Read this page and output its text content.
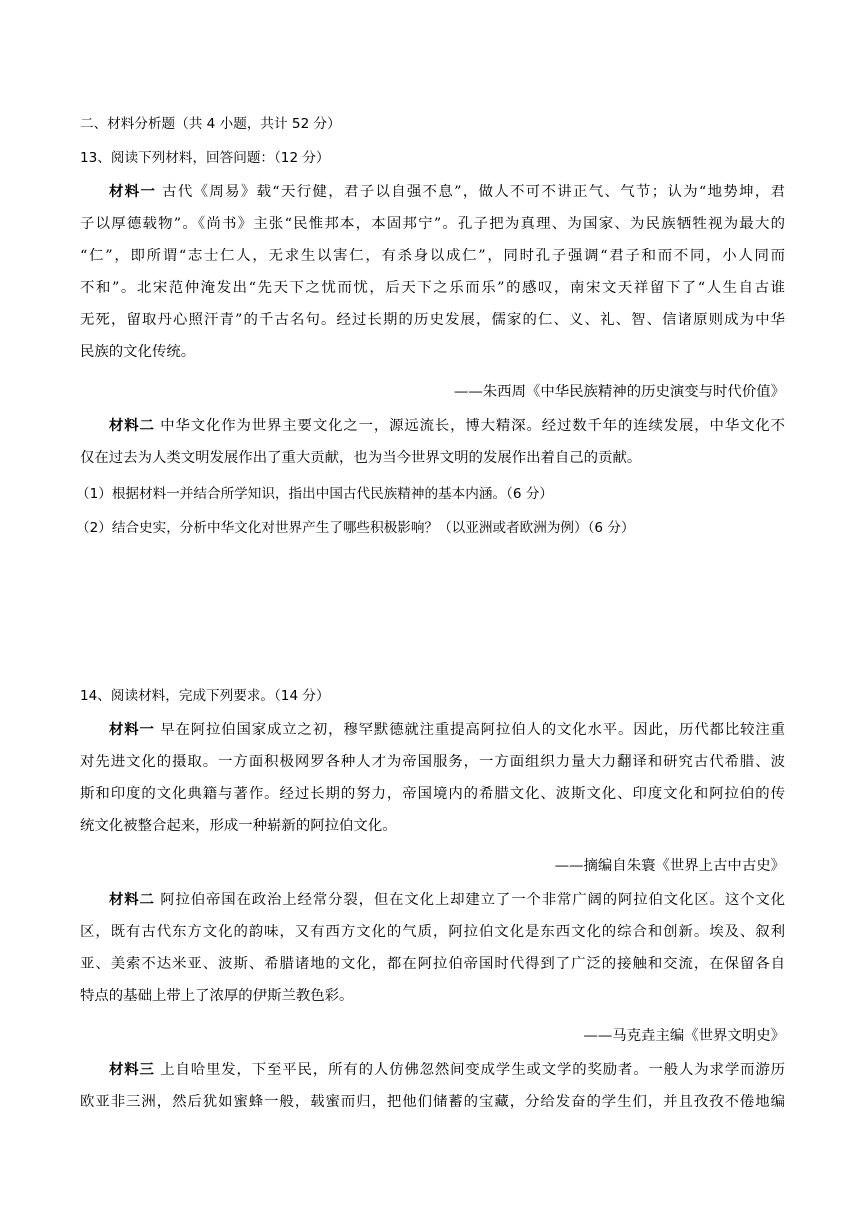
二、材料分析题（共 4 小题，共计 52 分）
13、阅读下列材料，回答问题：（12 分）
材料一 古代《周易》载“天行健，君子以自强不息”，做人不可不讲正气、气节；认为“地势坤，君
子以厚德载物”。《尚书》主张“民惟邦本，本固邦宁”。孔子把为真理、为国家、为民族牺牲视为最大的
“仁”，即所谓“志士仁人，无求生以害仁，有杀身以成仁”，同时孔子强调“君子和而不同，小人同而
不和”。北宋范仲淹发出“先天下之忧而忧，后天下之乐而乐”的感叹，南宋文天祥留下了“人生自古谁
无死，留取丹心照汗青”的千古名句。经过长期的历史发展，儒家的仁、义、礼、智、信诸原则成为中华
民族的文化传统。
——朱西周《中华民族精神的历史演变与时代价值》
材料二 中华文化作为世界主要文化之一，源远流长，博大精深。经过数千年的连续发展，中华文化不
仅在过去为人类文明发展作出了重大贡献，也为当今世界文明的发展作出着自己的贡献。
（1）根据材料一并结合所学知识，指出中国古代民族精神的基本内涵。（6 分）
（2）结合史实，分析中华文化对世界产生了哪些积极影响？（以亚洲或者欧洲为例）（6 分）
14、阅读材料，完成下列要求。（14 分）
材料一 早在阿拉伯国家成立之初，穆罕默德就注重提高阿拉伯人的文化水平。因此，历代都比较注重
对先进文化的摄取。一方面积极网罗各种人才为帝国服务，一方面组织力量大力翻译和研究古代希腊、波
斯和印度的文化典籍与著作。经过长期的努力，帝国境内的希腊文化、波斯文化、印度文化和阿拉伯的传
统文化被整合起来，形成一种崭新的阿拉伯文化。
——摘编自朱寰《世界上古中古史》
材料二 阿拉伯帝国在政治上经常分裂，但在文化上却建立了一个非常广阔的阿拉伯文化区。这个文化
区，既有古代东方文化的韵味，又有西方文化的气质，阿拉伯文化是东西文化的综合和创新。埃及、叙利
亚、美索不达米亚、波斯、希腊诸地的文化，都在阿拉伯帝国时代得到了广泛的接触和交流，在保留各自
特点的基础上带上了浓厚的伊斯兰教色彩。
——马克垚主编《世界文明史》
材料三 上自哈里发，下至平民，所有的人仿佛忽然间变成学生或文学的奖励者。一般人为求学而游历
欧亚非三洲，然后犹如蜜蜂一般，载蜜而归，把他们储蓄的宝藏，分给发奋的学生们，并且孜孜不倦地编
